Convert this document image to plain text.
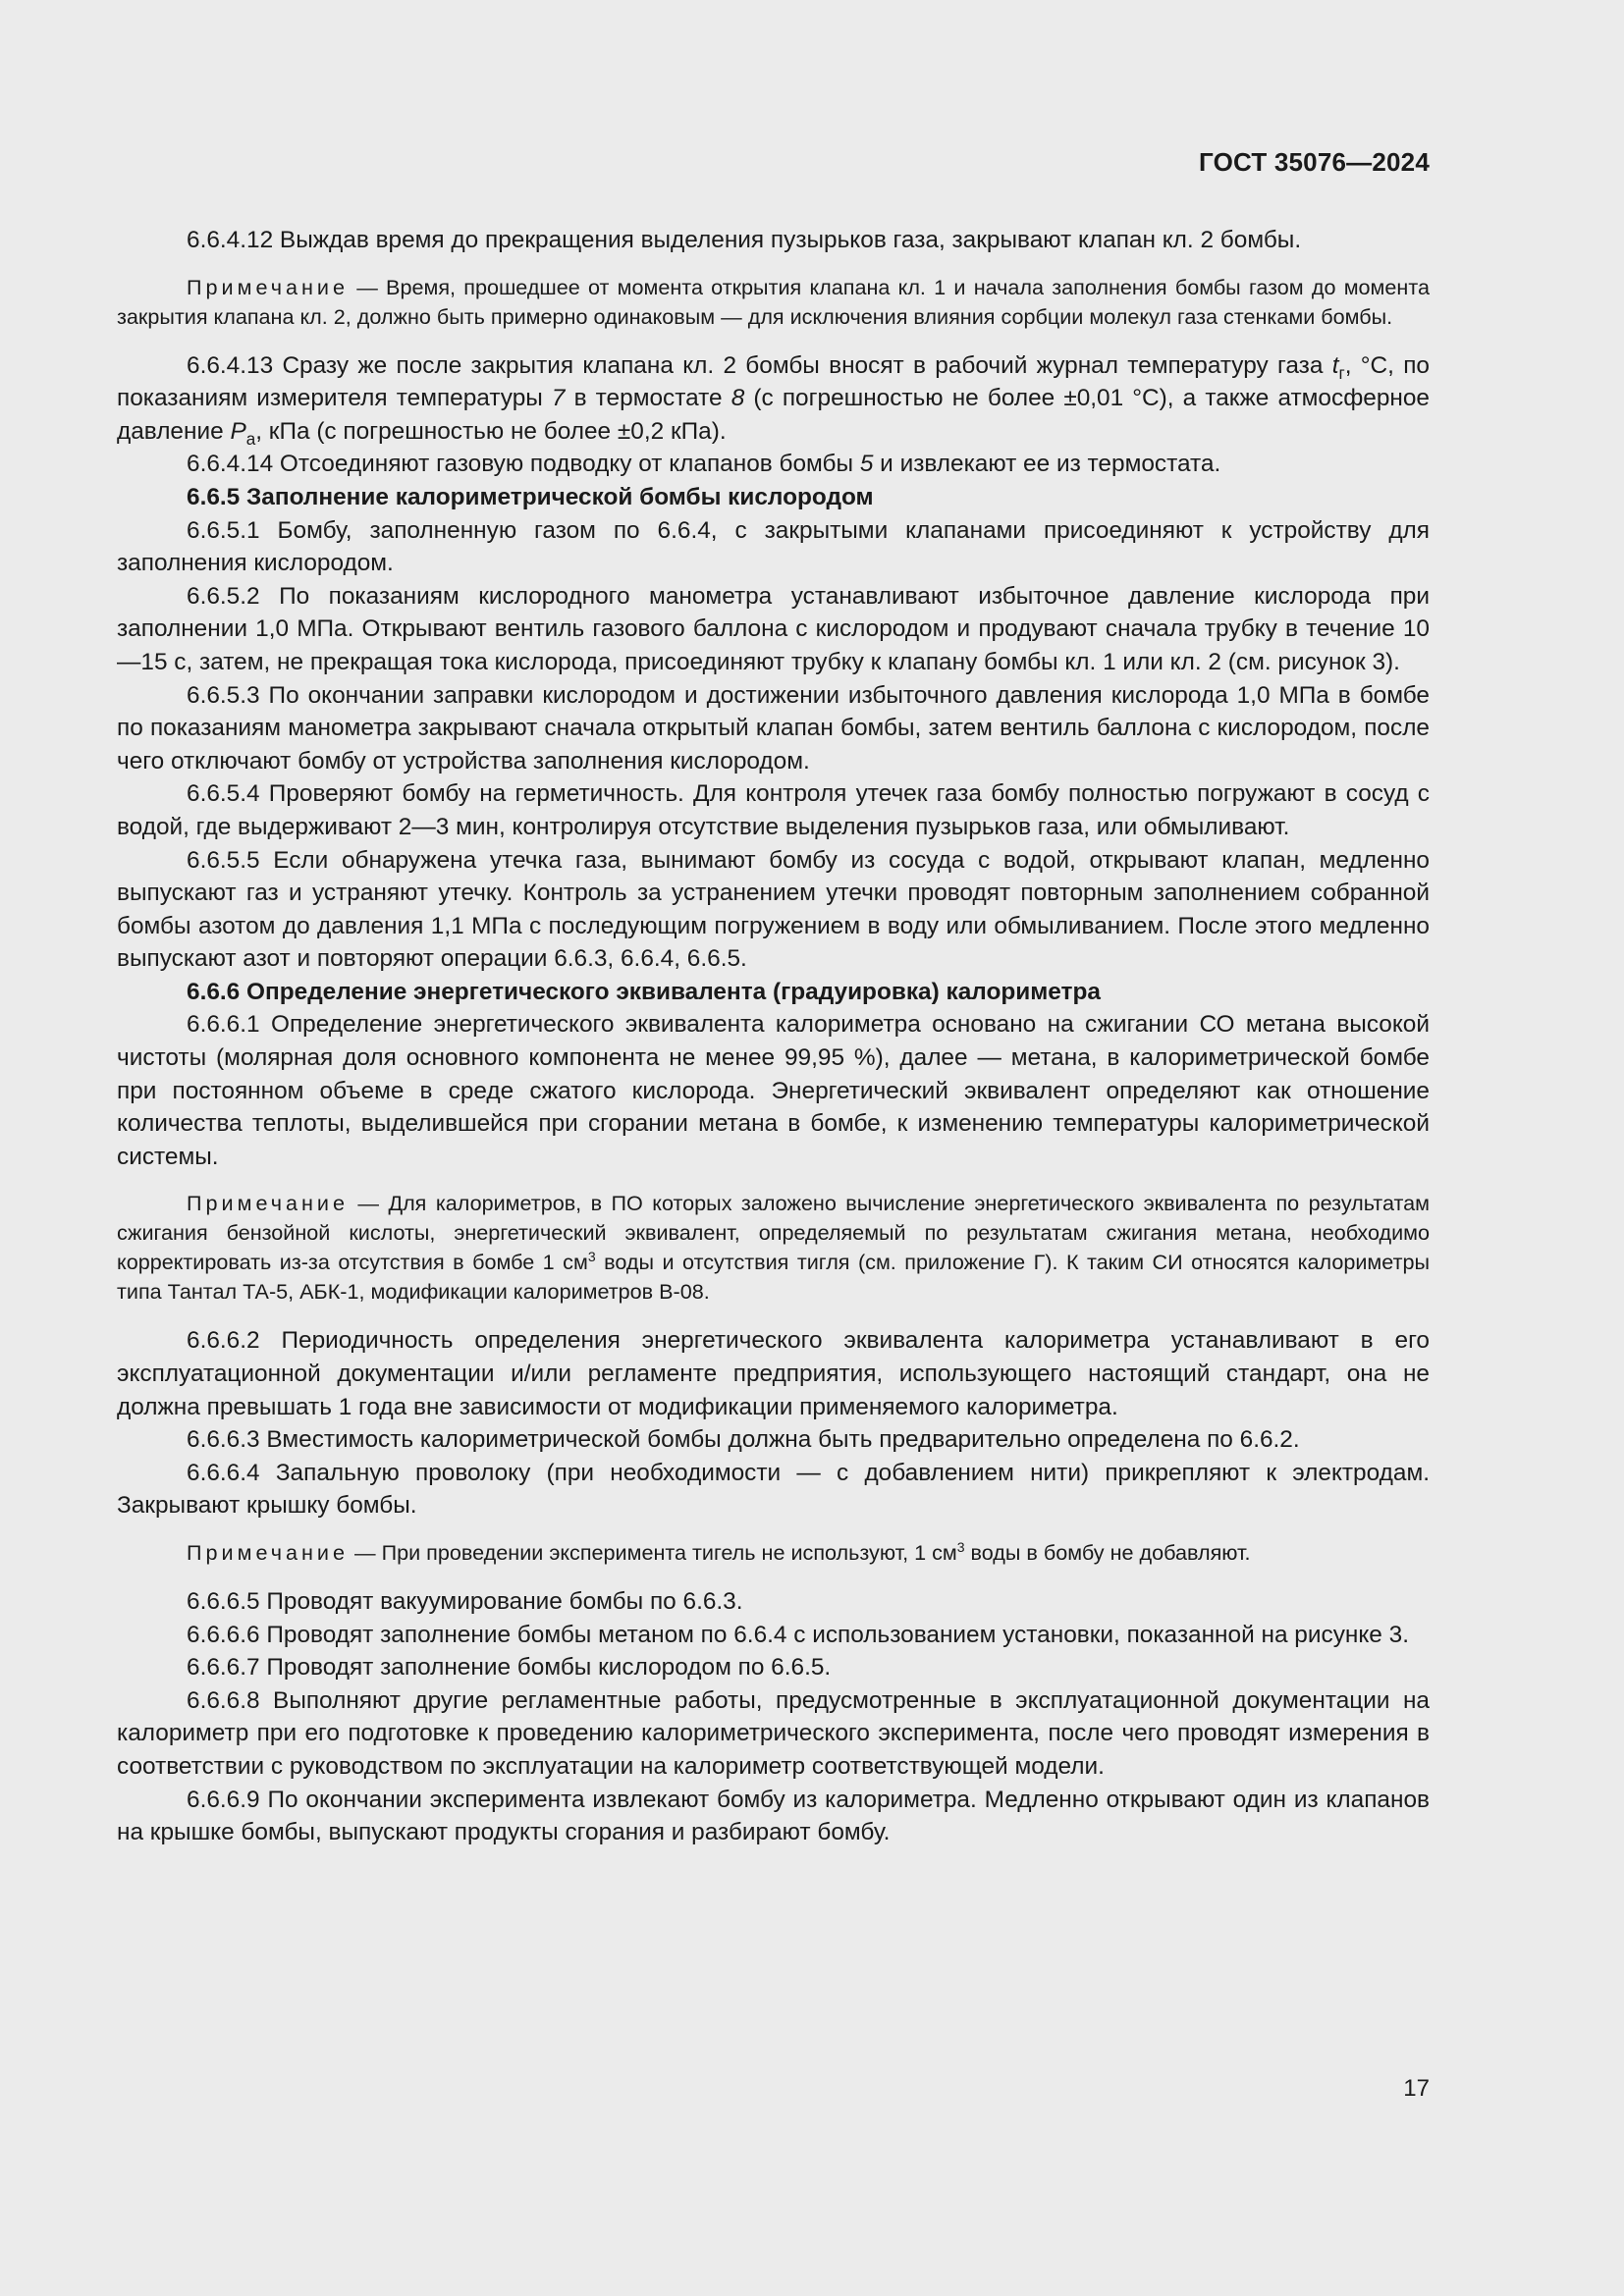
ГОСТ 35076—2024

6.6.4.12 Выждав время до прекращения выделения пузырьков газа, закрывают клапан кл. 2 бомбы.

Примечание — Время, прошедшее от момента открытия клапана кл. 1 и начала заполнения бомбы газом до момента закрытия клапана кл. 2, должно быть примерно одинаковым — для исключения влияния сорбции молекул газа стенками бомбы.

6.6.4.13 Сразу же после закрытия клапана кл. 2 бомбы вносят в рабочий журнал температуру газа $t_г$, °C, по показаниям измерителя температуры 7 в термостате 8 (с погрешностью не более ±0,01 °C), а также атмосферное давление $P_a$, кПа (с погрешностью не более ±0,2 кПа).

6.6.4.14 Отсоединяют газовую подводку от клапанов бомбы 5 и извлекают ее из термостата.

6.6.5 Заполнение калориметрической бомбы кислородом

6.6.5.1 Бомбу, заполненную газом по 6.6.4, с закрытыми клапанами присоединяют к устройству для заполнения кислородом.

6.6.5.2 По показаниям кислородного манометра устанавливают избыточное давление кислорода при заполнении 1,0 МПа. Открывают вентиль газового баллона с кислородом и продувают сначала трубку в течение 10—15 с, затем, не прекращая тока кислорода, присоединяют трубку к клапану бомбы кл. 1 или кл. 2 (см. рисунок 3).

6.6.5.3 По окончании заправки кислородом и достижении избыточного давления кислорода 1,0 МПа в бомбе по показаниям манометра закрывают сначала открытый клапан бомбы, затем вентиль баллона с кислородом, после чего отключают бомбу от устройства заполнения кислородом.

6.6.5.4 Проверяют бомбу на герметичность. Для контроля утечек газа бомбу полностью погружают в сосуд с водой, где выдерживают 2—3 мин, контролируя отсутствие выделения пузырьков газа, или обмыливают.

6.6.5.5 Если обнаружена утечка газа, вынимают бомбу из сосуда с водой, открывают клапан, медленно выпускают газ и устраняют утечку. Контроль за устранением утечки проводят повторным заполнением собранной бомбы азотом до давления 1,1 МПа с последующим погружением в воду или обмыливанием. После этого медленно выпускают азот и повторяют операции 6.6.3, 6.6.4, 6.6.5.

6.6.6 Определение энергетического эквивалента (градуировка) калориметра

6.6.6.1 Определение энергетического эквивалента калориметра основано на сжигании СО метана высокой чистоты (молярная доля основного компонента не менее 99,95 %), далее — метана, в калориметрической бомбе при постоянном объеме в среде сжатого кислорода. Энергетический эквивалент определяют как отношение количества теплоты, выделившейся при сгорании метана в бомбе, к изменению температуры калориметрической системы.

Примечание — Для калориметров, в ПО которых заложено вычисление энергетического эквивалента по результатам сжигания бензойной кислоты, энергетический эквивалент, определяемый по результатам сжигания метана, необходимо корректировать из-за отсутствия в бомбе 1 $см^3$ воды и отсутствия тигля (см. приложение Г). К таким СИ относятся калориметры типа Тантал ТА-5, АБК-1, модификации калориметров В-08.

6.6.6.2 Периодичность определения энергетического эквивалента калориметра устанавливают в его эксплуатационной документации и/или регламенте предприятия, использующего настоящий стандарт, она не должна превышать 1 года вне зависимости от модификации применяемого калориметра.

6.6.6.3 Вместимость калориметрической бомбы должна быть предварительно определена по 6.6.2.

6.6.6.4 Запальную проволоку (при необходимости — с добавлением нити) прикрепляют к электродам. Закрывают крышку бомбы.

Примечание — При проведении эксперимента тигель не используют, 1 $см^3$ воды в бомбу не добавляют.

6.6.6.5 Проводят вакуумирование бомбы по 6.6.3.

6.6.6.6 Проводят заполнение бомбы метаном по 6.6.4 с использованием установки, показанной на рисунке 3.

6.6.6.7 Проводят заполнение бомбы кислородом по 6.6.5.

6.6.6.8 Выполняют другие регламентные работы, предусмотренные в эксплуатационной документации на калориметр при его подготовке к проведению калориметрического эксперимента, после чего проводят измерения в соответствии с руководством по эксплуатации на калориметр соответствующей модели.

6.6.6.9 По окончании эксперимента извлекают бомбу из калориметра. Медленно открывают один из клапанов на крышке бомбы, выпускают продукты сгорания и разбирают бомбу.

17
